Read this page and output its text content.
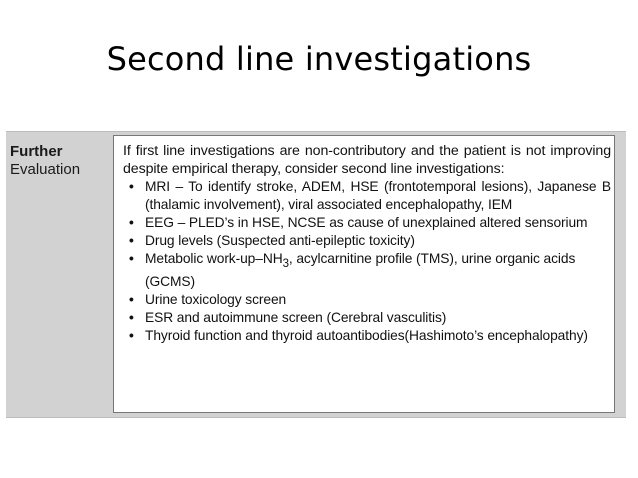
Second line investigations
Further
Evaluation
If first line investigations are non-contributory and the patient is not improving despite empirical therapy, consider second line investigations:
• MRI – To identify stroke, ADEM, HSE (frontotemporal lesions), Japanese B (thalamic involvement), viral associated encephalopathy, IEM
• EEG – PLED’s in HSE, NCSE as cause of unexplained altered sensorium
• Drug levels (Suspected anti-epileptic toxicity)
• Metabolic work-$up-NH_3$, acylcarnitine profile (TMS), urine organic acids (GCMS)
• Urine toxicology screen
• ESR and autoimmune screen (Cerebral vasculitis)
• Thyroid function and thyroid autoantibodies(Hashimoto’s encephalopathy)
